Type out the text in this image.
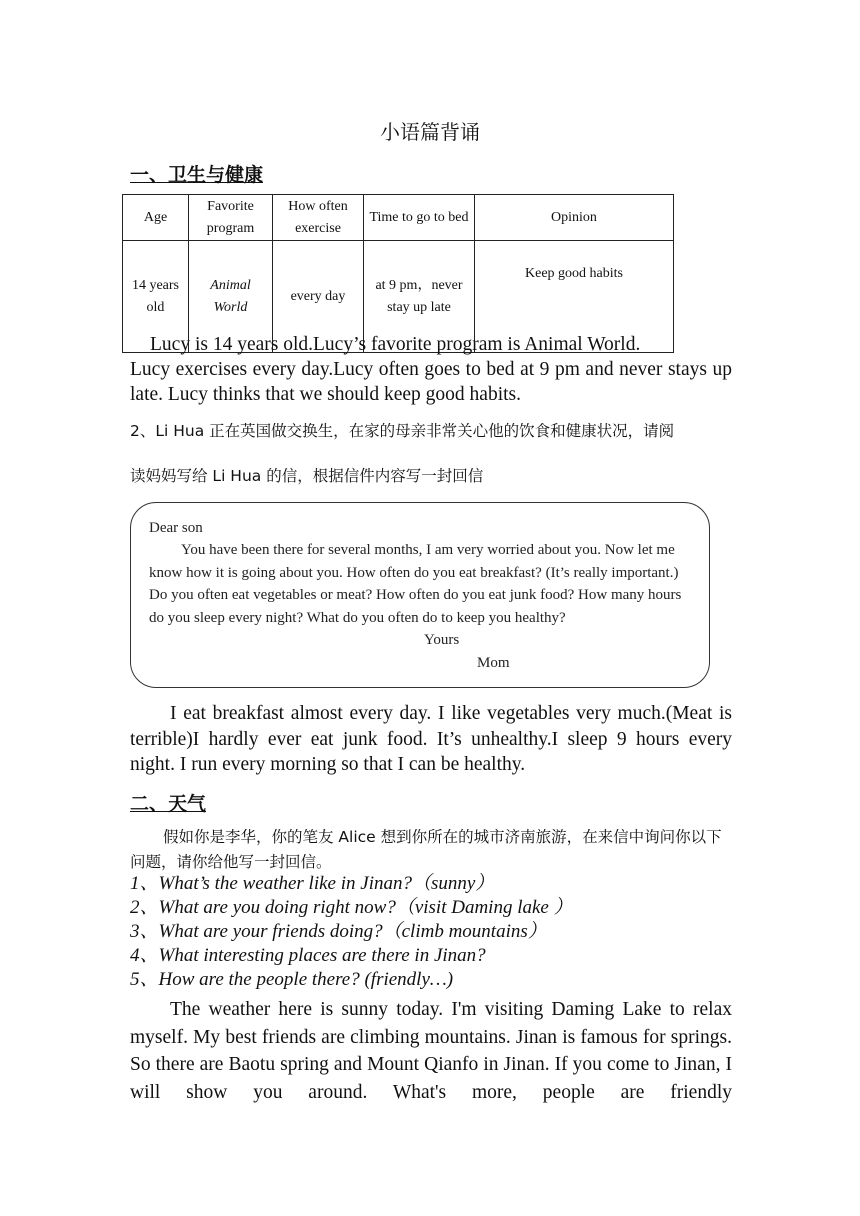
小语篇背诵
一、卫生与健康
Age	Favorite program	How often exercise	Time to go to bed	Opinion
14 years old	Animal World	every day	at 9 pm，never stay up late	Keep good habits
Lucy is 14 years old.Lucy’s favorite program is Animal World.
Lucy exercises every day.Lucy often goes to bed at 9 pm and never stays up late. Lucy thinks that we should keep good habits.
2、Li Hua 正在英国做交换生，在家的母亲非常关心他的饮食和健康状况，请阅
读妈妈写给 Li Hua 的信，根据信件内容写一封回信
Dear son
You have been there for several months, I am very worried about you. Now let me
know how it is going about you. How often do you eat breakfast? (It’s really important.)
Do you often eat vegetables or meat? How often do you eat junk food? How many hours
do you sleep every night? What do you often do to keep you healthy?
Yours
Mom
I eat breakfast almost every day. I like vegetables very much.(Meat is terrible)I hardly ever eat junk food. It’s unhealthy.I sleep 9 hours every night. I run every morning so that I can be healthy.
二、天气
假如你是李华，你的笔友 Alice 想到你所在的城市济南旅游，在来信中询问你以下问题，请你给他写一封回信。
1、What’s the weather like in Jinan?（sunny）
2、What are you doing right now?（visit Daming lake ）
3、What are your friends doing?（climb mountains）
4、What interesting places are there in Jinan?
5、How are the people there? (friendly…)
The weather here is sunny today. I'm visiting Daming Lake to relax myself. My best friends are climbing mountains. Jinan is famous for springs. So there are Baotu spring and Mount Qianfo in Jinan. If you come to Jinan, I will show you around. What's more, people are friendly
